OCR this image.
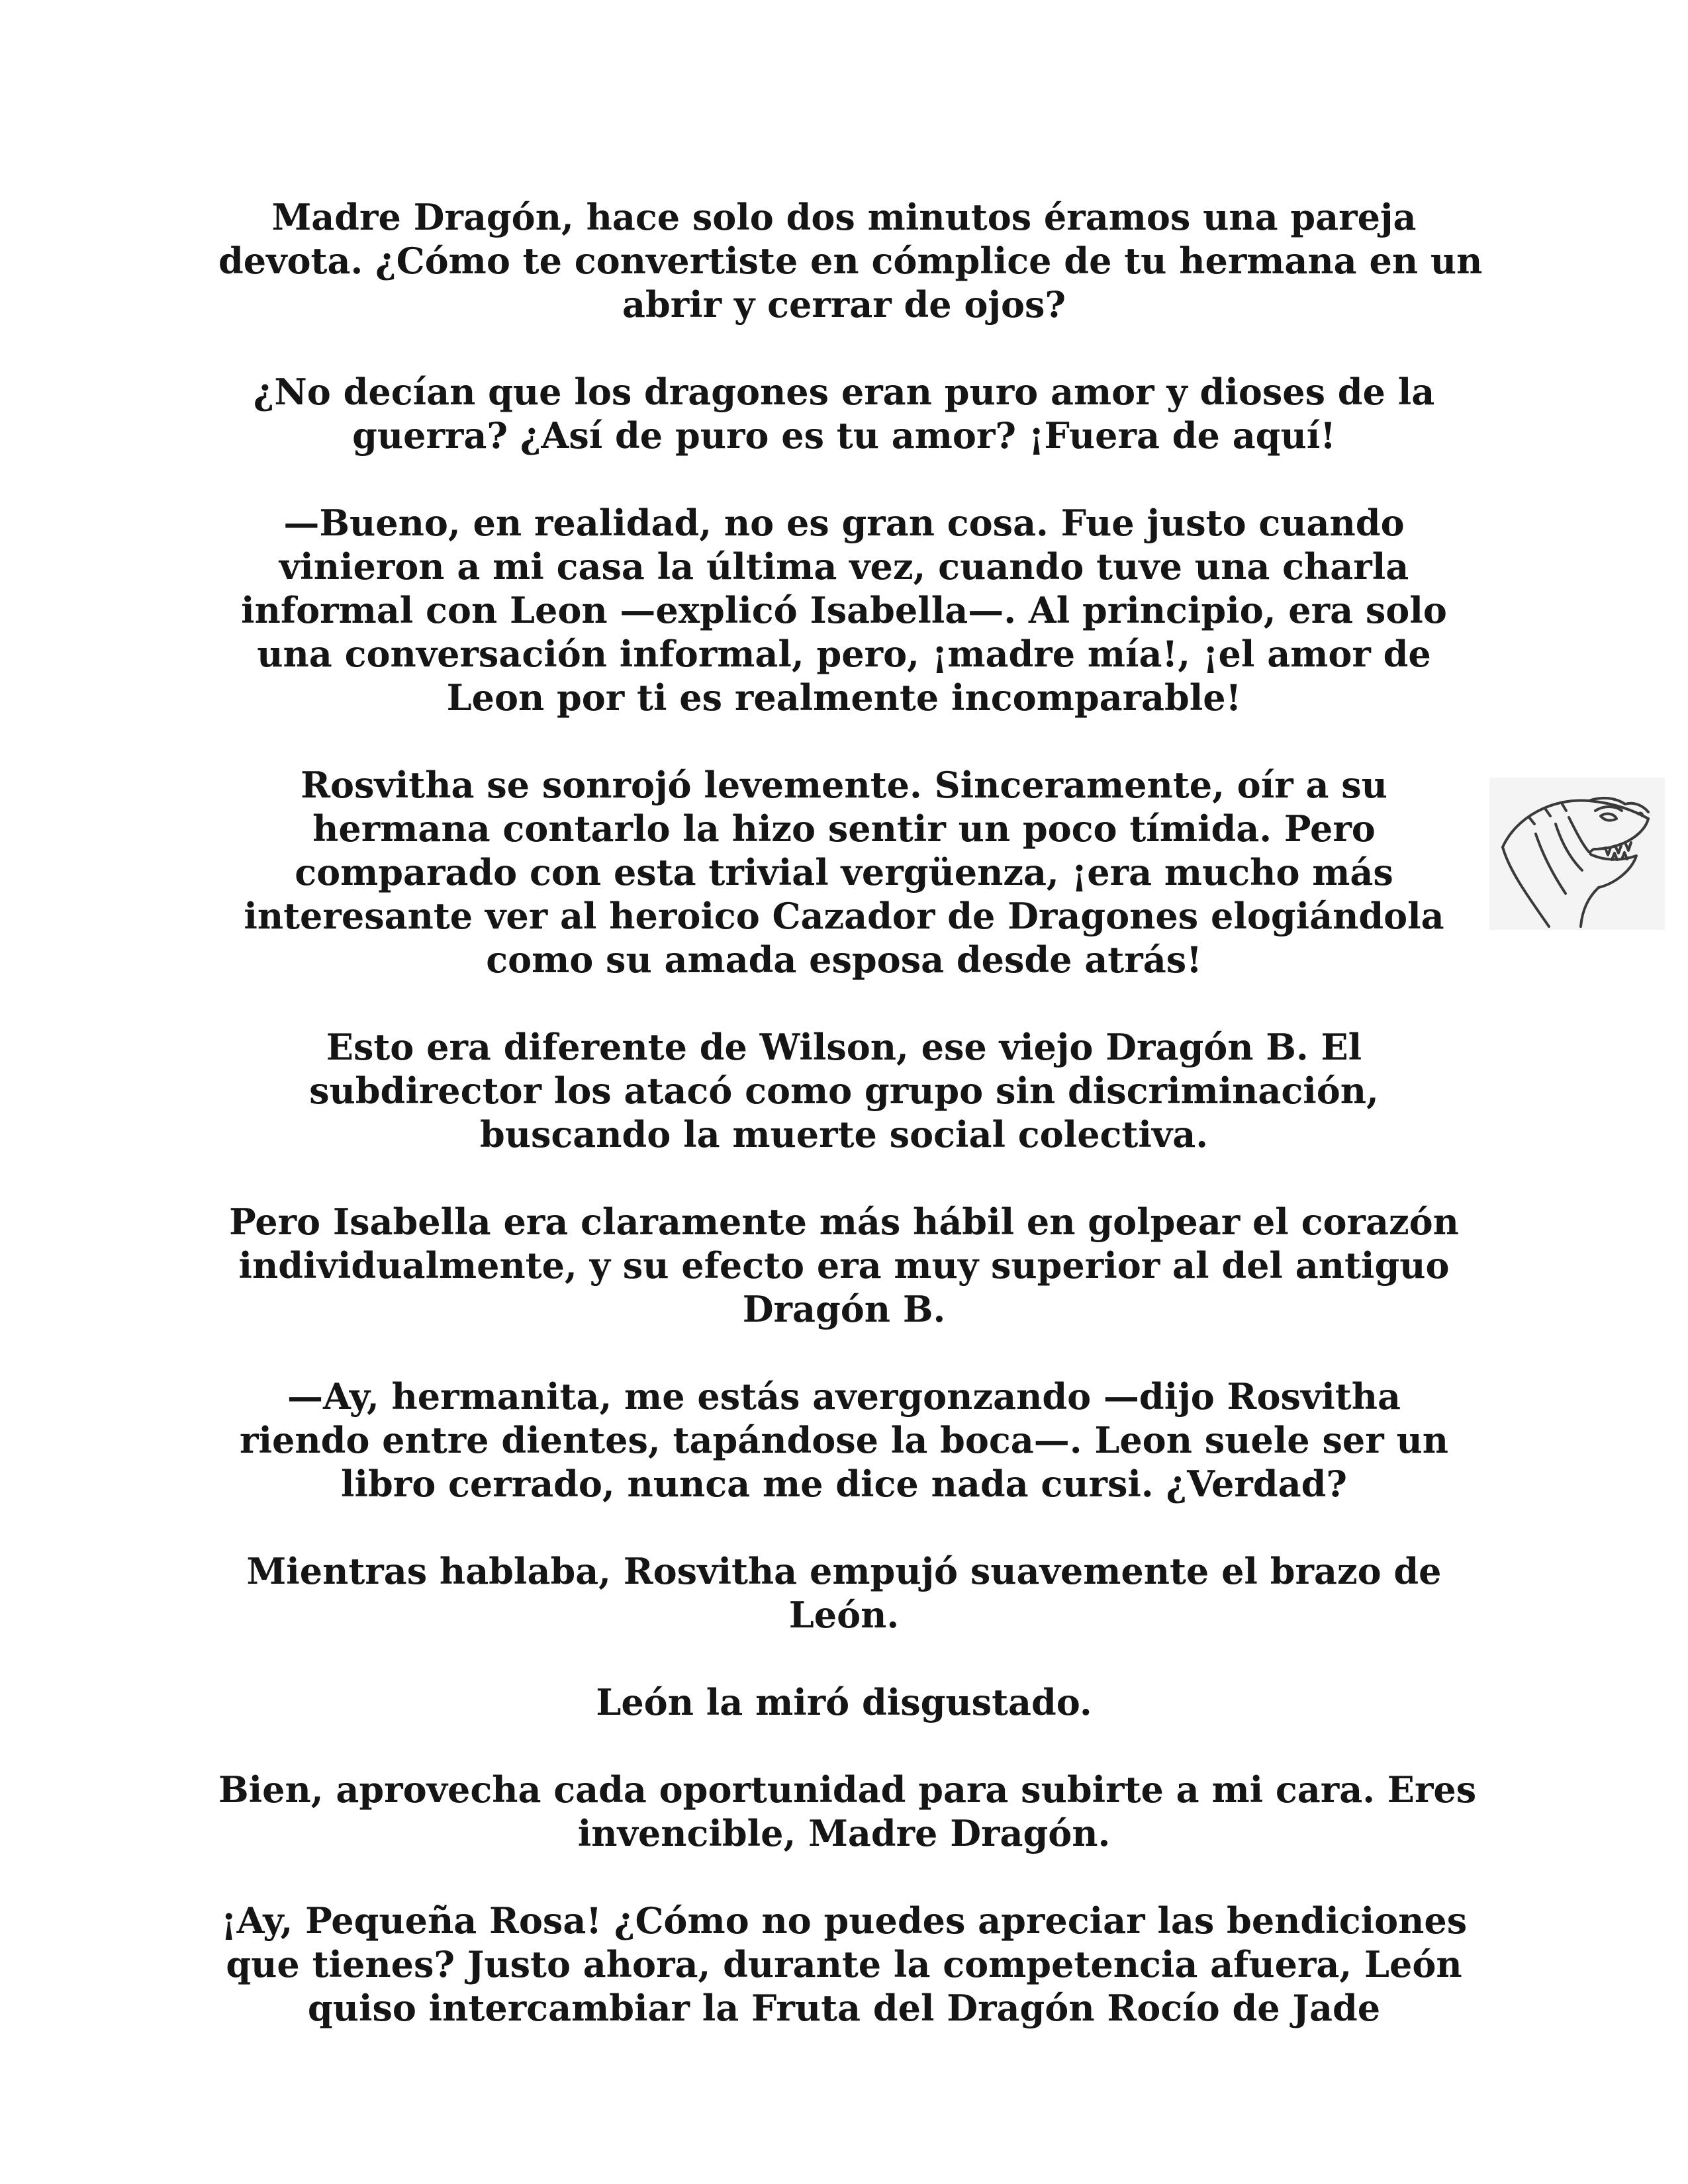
Madre Dragón, hace solo dos minutos éramos una pareja
devota. ¿Cómo te convertiste en cómplice de tu hermana en un
abrir y cerrar de ojos?

¿No decían que los dragones eran puro amor y dioses de la
guerra? ¿Así de puro es tu amor? ¡Fuera de aquí!

—Bueno, en realidad, no es gran cosa. Fue justo cuando
vinieron a mi casa la última vez, cuando tuve una charla
informal con Leon —explicó Isabella—. Al principio, era solo
una conversación informal, pero, ¡madre mía!, ¡el amor de
Leon por ti es realmente incomparable!

Rosvitha se sonrojó levemente. Sinceramente, oír a su
hermana contarlo la hizo sentir un poco tímida. Pero
comparado con esta trivial vergüenza, ¡era mucho más
interesante ver al heroico Cazador de Dragones elogiándola
como su amada esposa desde atrás!

Esto era diferente de Wilson, ese viejo Dragón B. El
subdirector los atacó como grupo sin discriminación,
buscando la muerte social colectiva.

Pero Isabella era claramente más hábil en golpear el corazón
individualmente, y su efecto era muy superior al del antiguo
Dragón B.

—Ay, hermanita, me estás avergonzando —dijo Rosvitha
riendo entre dientes, tapándose la boca—. Leon suele ser un
libro cerrado, nunca me dice nada cursi. ¿Verdad?

Mientras hablaba, Rosvitha empujó suavemente el brazo de
León.

León la miró disgustado.

Bien, aprovecha cada oportunidad para subirte a mi cara. Eres
invencible, Madre Dragón.

¡Ay, Pequeña Rosa! ¿Cómo no puedes apreciar las bendiciones
que tienes? Justo ahora, durante la competencia afuera, León
quiso intercambiar la Fruta del Dragón Rocío de Jade
